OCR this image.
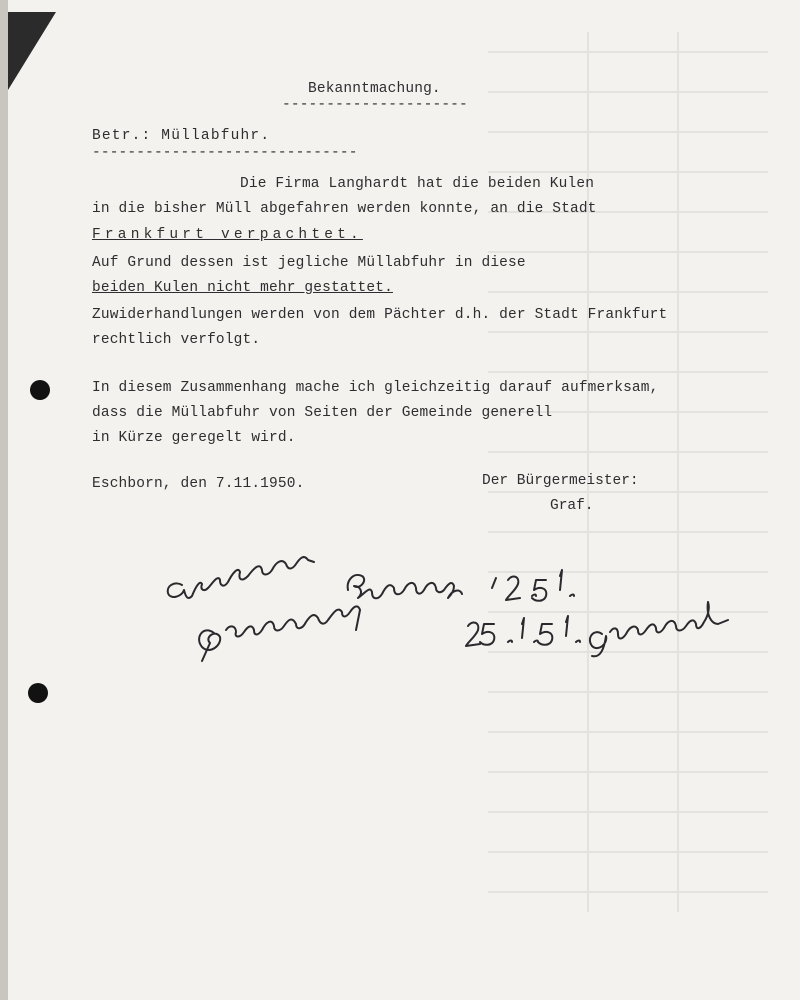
Bekanntmachung.
---------------------
Betr.: Müllabfuhr.
------------------------------
Die Firma Langhardt hat die beiden Kulen
in die bisher Müll abgefahren werden konnte, an die Stadt
Frankfurt verpachtet.
Auf Grund dessen ist jegliche Müllabfuhr in diese
beiden Kulen nicht mehr gestattet.
Zuwiderhandlungen werden von dem Pächter d.h. der Stadt Frankfurt
rechtlich verfolgt.
In diesem Zusammenhang mache ich gleichzeitig darauf aufmerksam,
dass die Müllabfuhr von Seiten der Gemeinde generell
in Kürze geregelt wird.
Eschborn, den 7.11.1950.	Der Bürgermeister:
Graf.
